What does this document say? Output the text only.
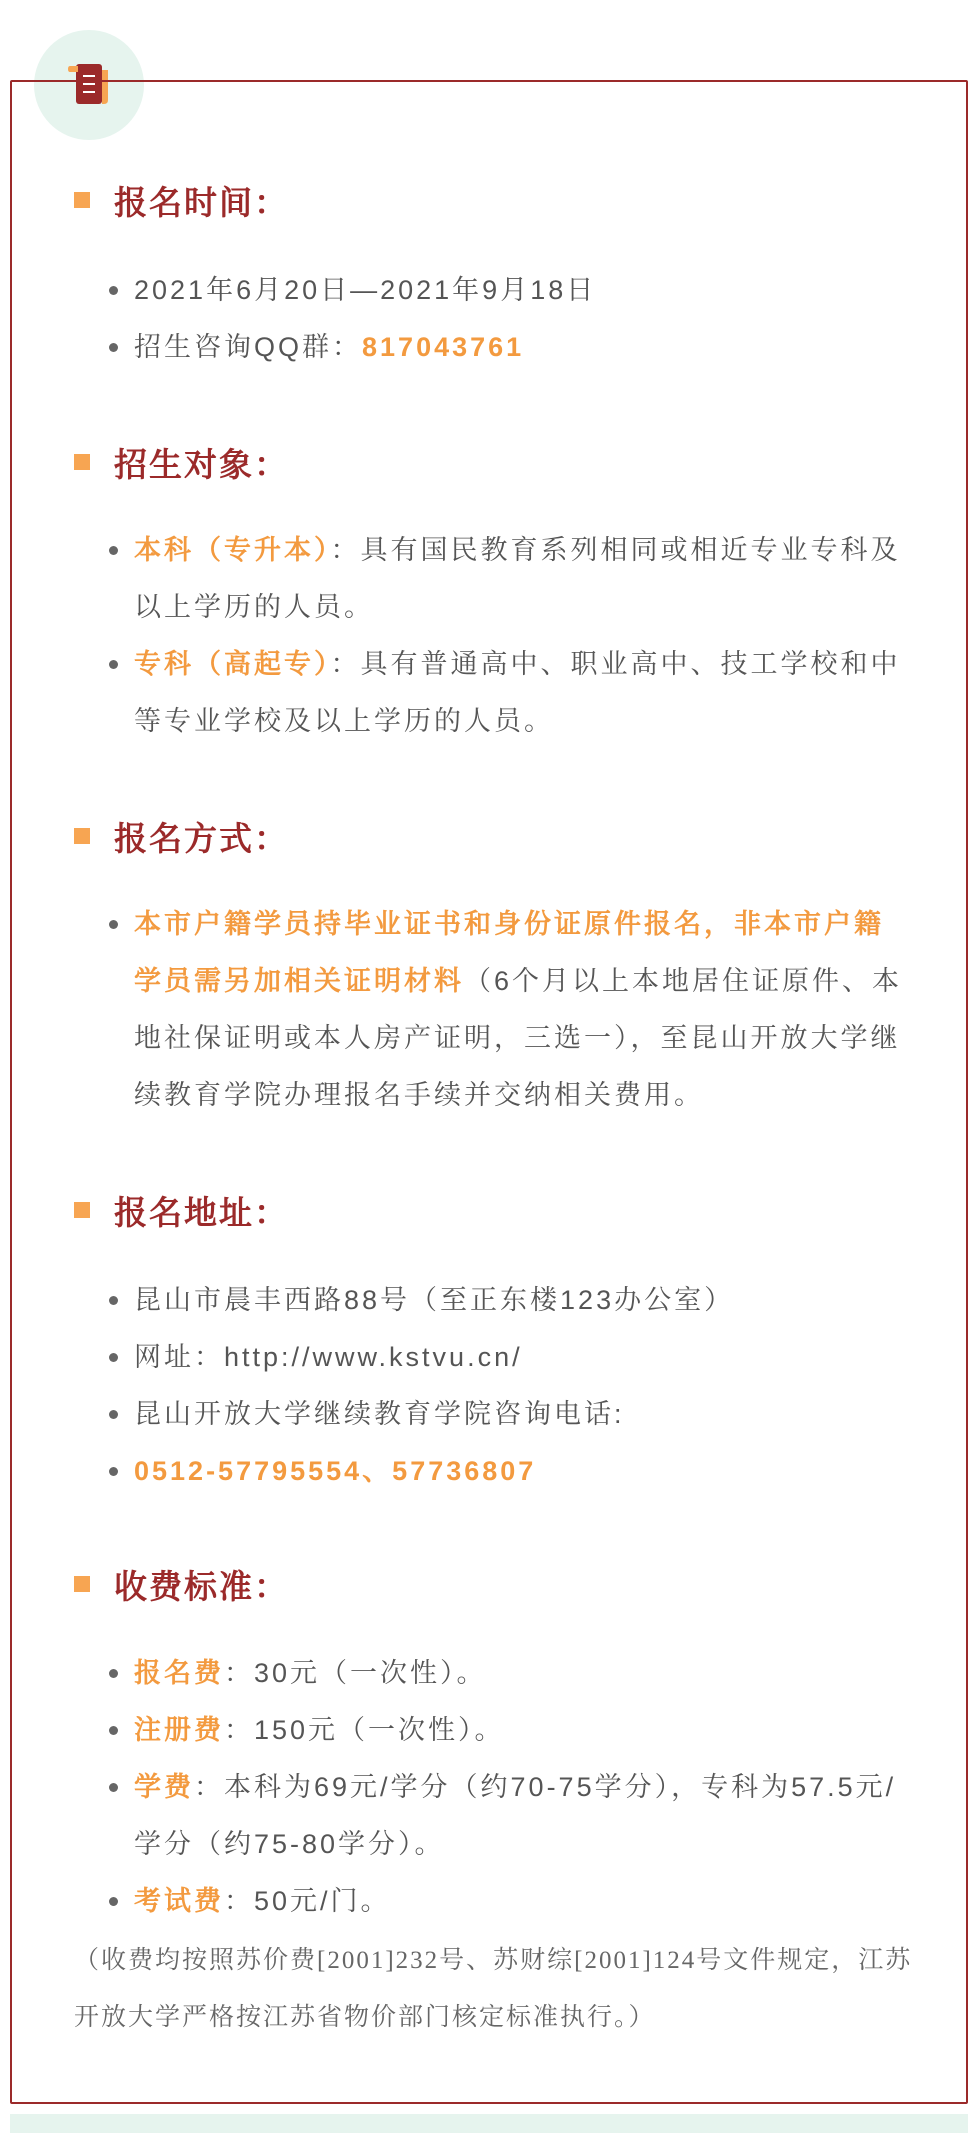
报名时间：
2021年6月20日—2021年9月18日
招生咨询QQ群：817043761
招生对象：
本科（专升本）：具有国民教育系列相同或相近专业专科及以上学历的人员。
专科（高起专）：具有普通高中、职业高中、技工学校和中等专业学校及以上学历的人员。
报名方式：
本市户籍学员持毕业证书和身份证原件报名，非本市户籍学员需另加相关证明材料（6个月以上本地居住证原件、本地社保证明或本人房产证明，三选一），至昆山开放大学继续教育学院办理报名手续并交纳相关费用。
报名地址：
昆山市晨丰西路88号（至正东楼123办公室）
网址：http://www.kstvu.cn/
昆山开放大学继续教育学院咨询电话:
0512-57795554、57736807
收费标准：
报名费：30元（一次性）。
注册费：150元（一次性）。
学费：本科为69元/学分（约70-75学分），专科为57.5元/学分（约75-80学分）。
考试费：50元/门。
（收费均按照苏价费[2001]232号、苏财综[2001]124号文件规定，江苏开放大学严格按江苏省物价部门核定标准执行。）
